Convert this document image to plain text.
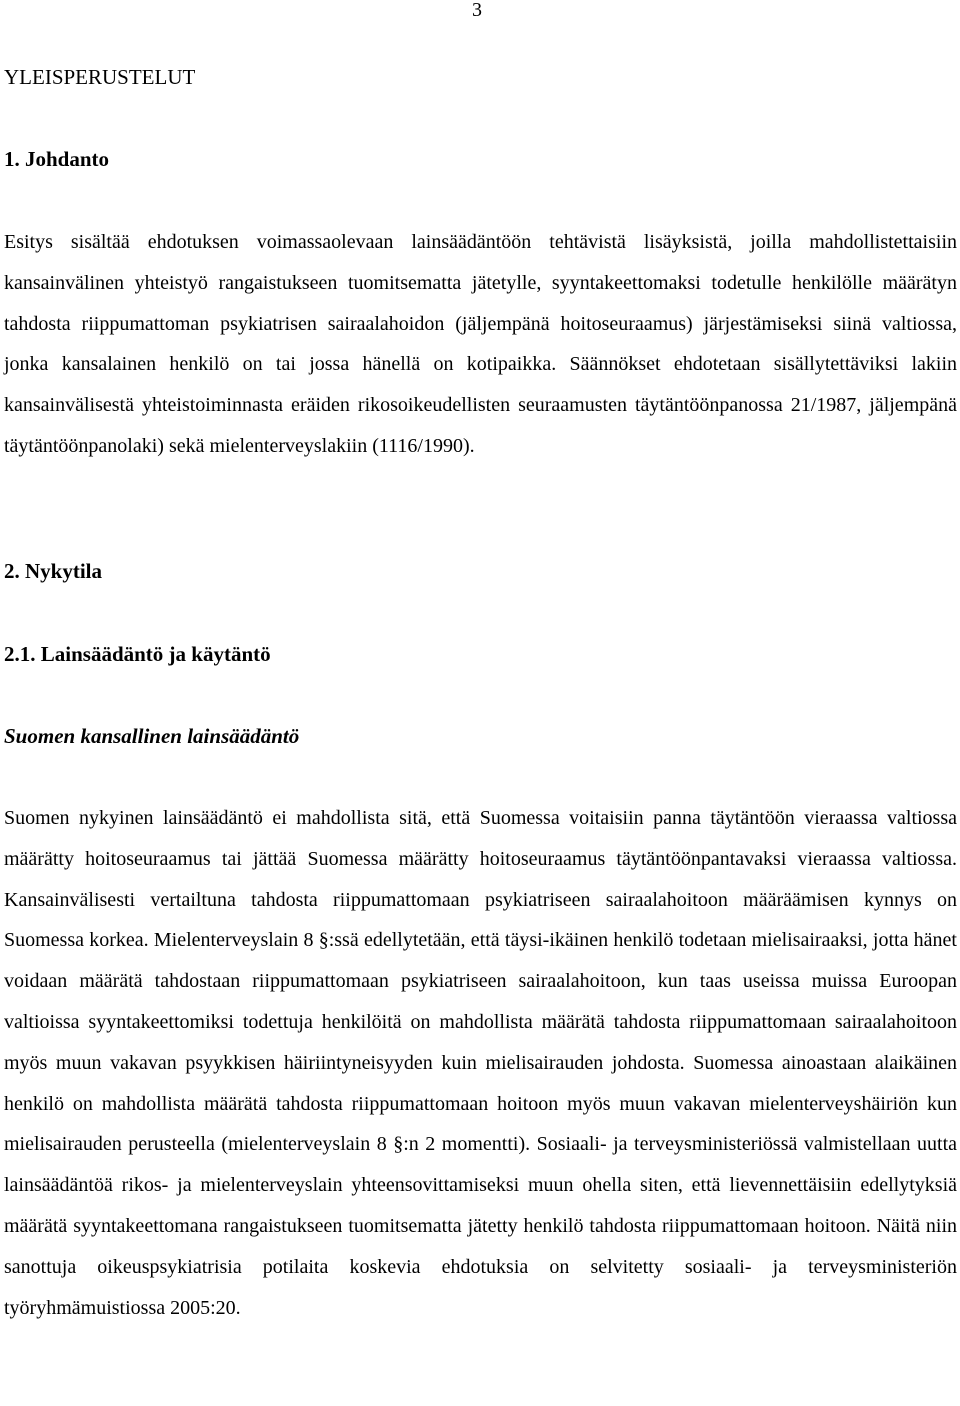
3
YLEISPERUSTELUT
1. Johdanto

Esitys sisältää ehdotuksen voimassaolevaan lainsäädäntöön tehtävistä lisäyksistä, joilla mahdollistettaisiin kansainvälinen yhteistyö rangaistukseen tuomitsematta jätetylle, syyntakeettomaksi todetulle henkilölle määrätyn tahdosta riippumattoman psykiatrisen sairaalahoidon (jäljempänä hoitoseuraamus) järjestämiseksi siinä valtiossa, jonka kansalainen henkilö on tai jossa hänellä on kotipaikka. Säännökset ehdotetaan sisällytettäviksi lakiin kansainvälisestä yhteistoiminnasta eräiden rikosoikeudellisten seuraamusten täytäntöönpanossa 21/1987, jäljempänä täytäntöönpanolaki) sekä mielenterveyslakiin (1116/1990).

2. Nykytila
2.1. Lainsäädäntö ja käytäntö
Suomen kansallinen lainsäädäntö

Suomen nykyinen lainsäädäntö ei mahdollista sitä, että Suomessa voitaisiin panna täytäntöön vieraassa valtiossa määrätty hoitoseuraamus tai jättää Suomessa määrätty hoitoseuraamus täytäntöönpantavaksi vieraassa valtiossa. Kansainvälisesti vertailtuna tahdosta riippumattomaan psykiatriseen sairaalahoitoon määräämisen kynnys on Suomessa korkea. Mielenterveyslain 8 §:ssä edellytetään, että täysi-ikäinen henkilö todetaan mielisairaaksi, jotta hänet voidaan määrätä tahdostaan riippumattomaan psykiatriseen sairaalahoitoon, kun taas useissa muissa Euroopan valtioissa syyntakeettomiksi todettuja henkilöitä on mahdollista määrätä tahdosta riippumattomaan sairaalahoitoon myös muun vakavan psyykkisen häiriintyneisyyden kuin mielisairauden johdosta. Suomessa ainoastaan alaikäinen henkilö on mahdollista määrätä tahdosta riippumattomaan hoitoon myös muun vakavan mielenterveyshäiriön kun mielisairauden perusteella (mielenterveyslain 8 §:n 2 momentti). Sosiaali- ja terveysministeriössä valmistellaan uutta lainsäädäntöä rikos- ja mielenterveyslain yhteensovittamiseksi muun ohella siten, että lievennettäisiin edellytyksiä määrätä syyntakeettomana rangaistukseen tuomitsematta jätetty henkilö tahdosta riippumattomaan hoitoon. Näitä niin sanottuja oikeuspsykiatrisia potilaita koskevia ehdotuksia on selvitetty sosiaali- ja terveysministeriön työryhmämuistiossa 2005:20.
